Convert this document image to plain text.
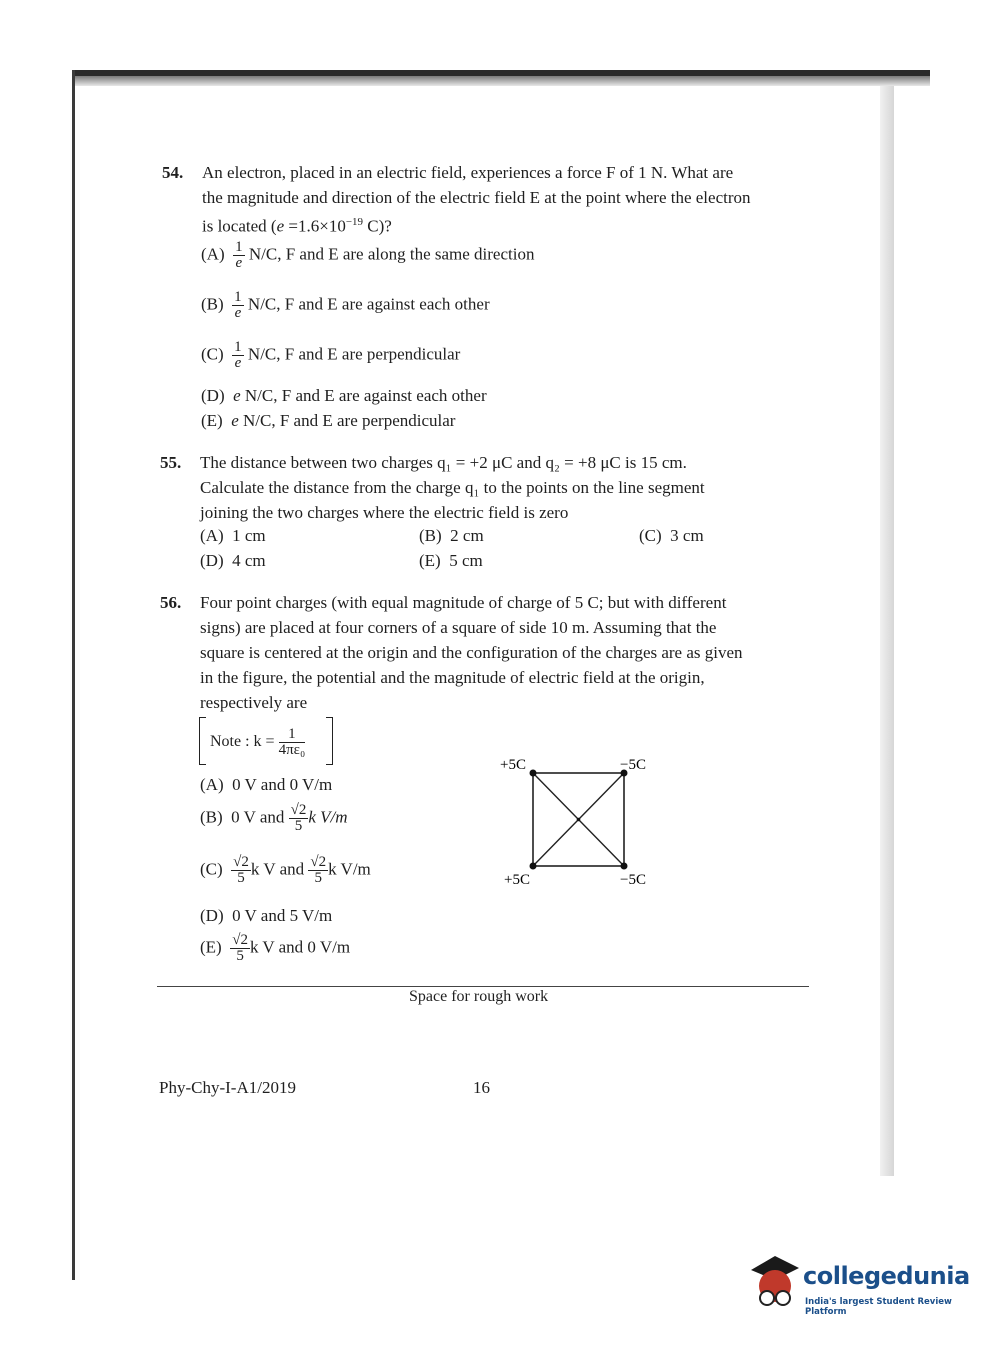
54. An electron, placed in an electric field, experiences a force F of 1 N. What are
the magnitude and direction of the electric field E at the point where the electron
is located ($e =1.6\times 10^{-19}$ C)?
$(A) \frac{1}{e} N/C$, F and E are along the same direction
$(B) \frac{1}{e} N/C$, F and E are against each other
$(C) \frac{1}{e} N/C$, F and E are perpendicular
(D) e N/C, F and E are against each other
(E) e N/C, F and E are perpendicular
55. The distance between two charges q₁ = +2 μC and q₂ = +8 μC is 15 cm.
Calculate the distance from the charge q₁ to the points on the line segment
joining the two charges where the electric field is zero
(A) 1 cm	(B) 2 cm	(C) 3 cm
(D) 4 cm	(E) 5 cm
56. Four point charges (with equal magnitude of charge of 5 C; but with different
signs) are placed at four corners of a square of side 10 m. Assuming that the
square is centered at the origin and the configuration of the charges are as given
in the figure, the potential and the magnitude of electric field at the origin,
respectively are
Note : $k = \frac{1}{\text{4πε₀}}$
(A) 0 V and 0 V/m
(B) 0 V and $\frac{√2}{5}$ k V/m
$(C) \frac{√2}{5}$ k V and $\frac{√2}{5}$ k V/m
(D) 0 V and 5 V/m
$(E) \frac{√2}{5}$ k V and 0 V/m
+5C	−5C
+5C	−5C
Space for rough work
Phy-Chy-I-A1/2019	16
collegedunia
India's largest Student Review Platform
